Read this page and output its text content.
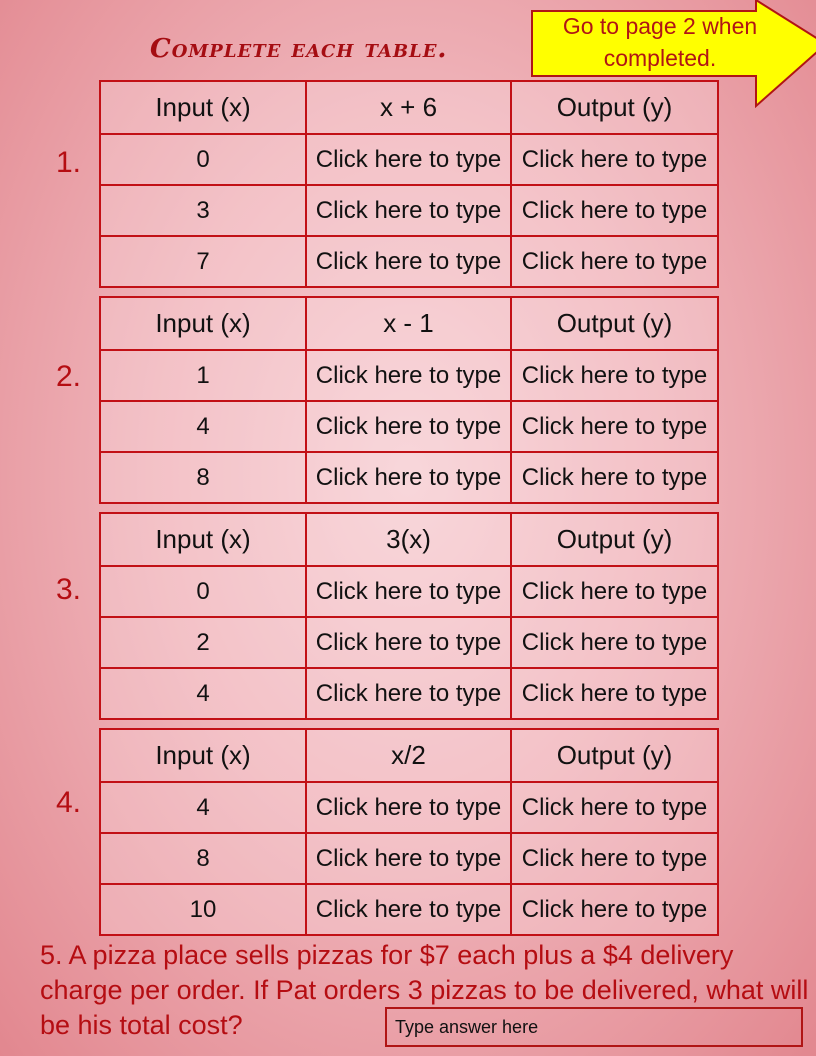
Complete each table.
Go to page 2 when
completed.
1.
Input (x)	x + 6	Output (y)
0	Click here to type	Click here to type
3	Click here to type	Click here to type
7	Click here to type	Click here to type
2.
Input (x)	x - 1	Output (y)
1	Click here to type	Click here to type
4	Click here to type	Click here to type
8	Click here to type	Click here to type
3.
Input (x)	3(x)	Output (y)
0	Click here to type	Click here to type
2	Click here to type	Click here to type
4	Click here to type	Click here to type
4.
Input (x)	x/2	Output (y)
4	Click here to type	Click here to type
8	Click here to type	Click here to type
10	Click here to type	Click here to type
5. A pizza place sells pizzas for $7 each plus a $4 delivery charge per order. If Pat orders 3 pizzas to be delivered, what will be his total cost?	Type answer here
